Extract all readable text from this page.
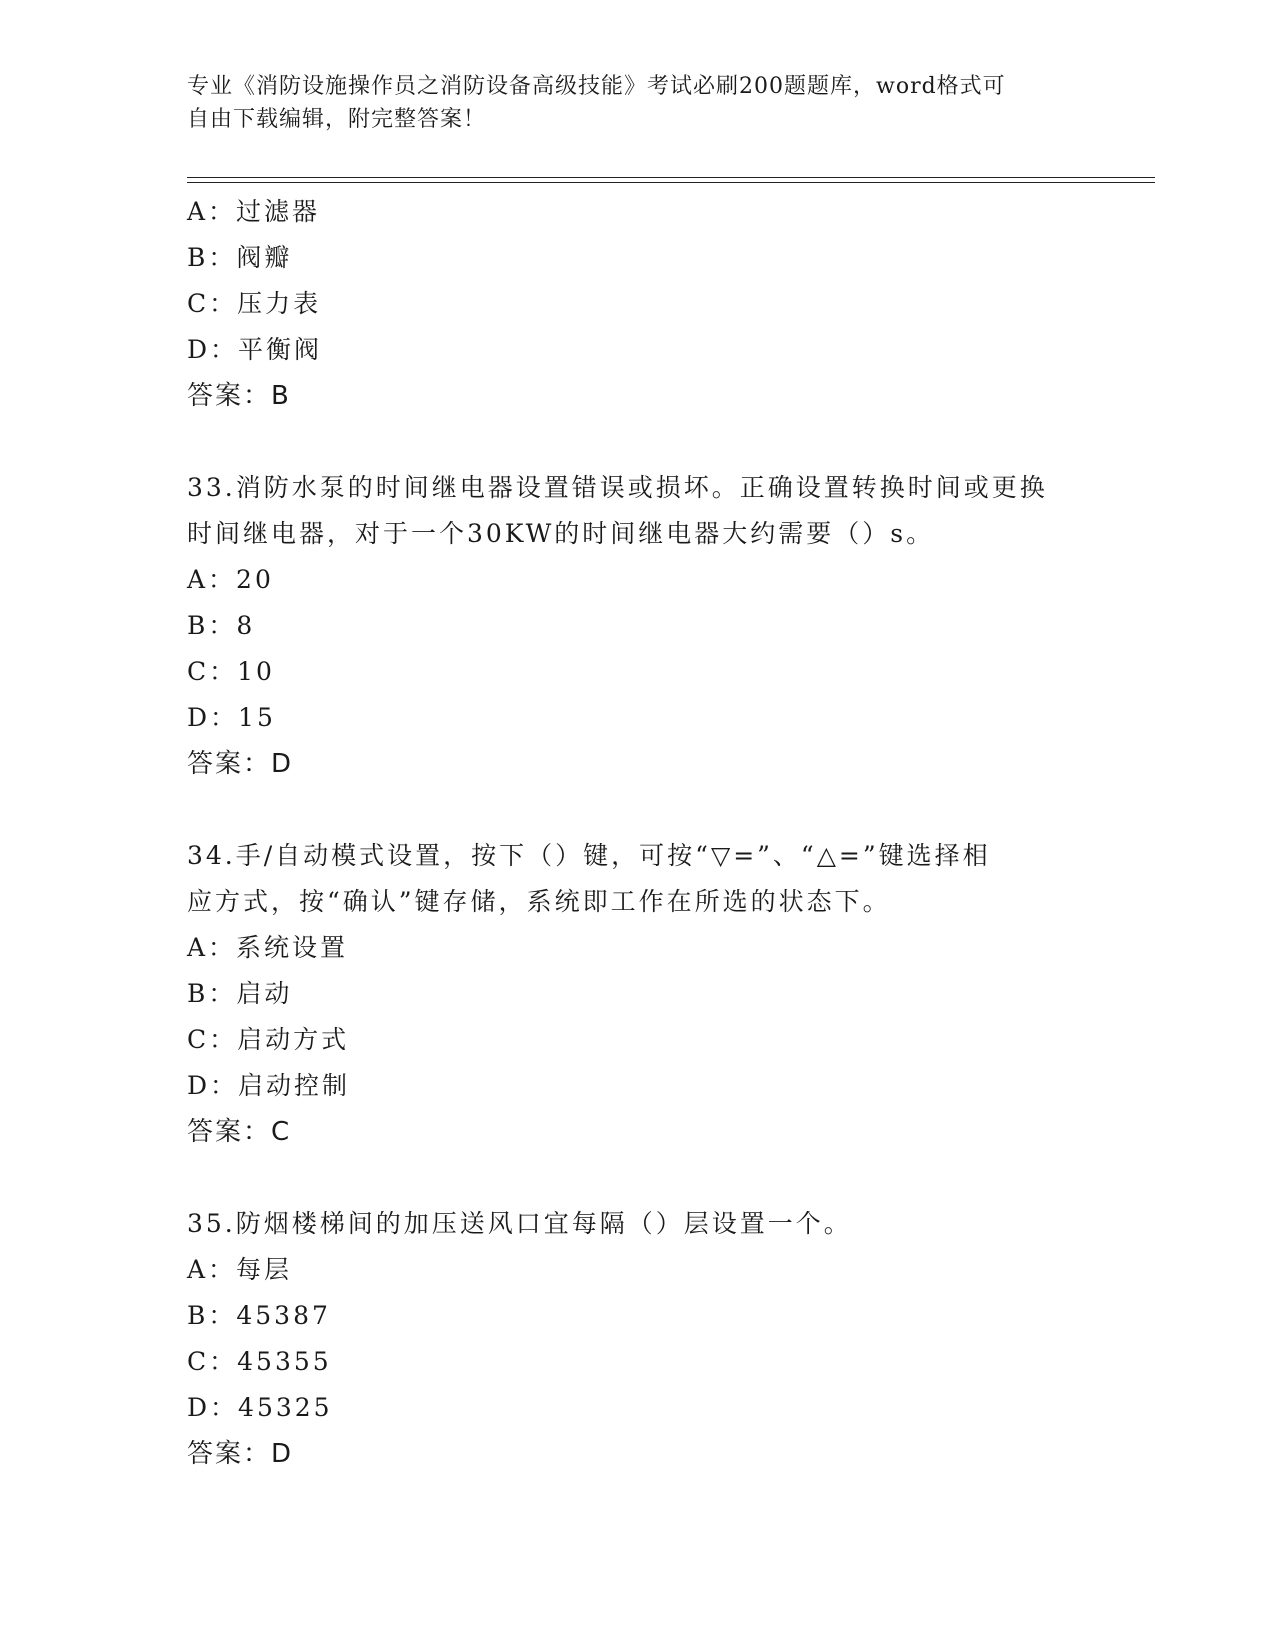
专业《消防设施操作员之消防设备高级技能》考试必刷200题题库，word格式可
自由下载编辑，附完整答案！
A：过滤器
B：阀瓣
C：压力表
D：平衡阀
答案：B
33.消防水泵的时间继电器设置错误或损坏。正确设置转换时间或更换
时间继电器，对于一个30KW的时间继电器大约需要（）s。
A：20
B：8
C：10
D：15
答案：D
34.手/自动模式设置，按下（）键，可按“▽=”、“△=”键选择相
应方式，按“确认”键存储，系统即工作在所选的状态下。
A：系统设置
B：启动
C：启动方式
D：启动控制
答案：C
35.防烟楼梯间的加压送风口宜每隔（）层设置一个。
A：每层
B：45387
C：45355
D：45325
答案：D
